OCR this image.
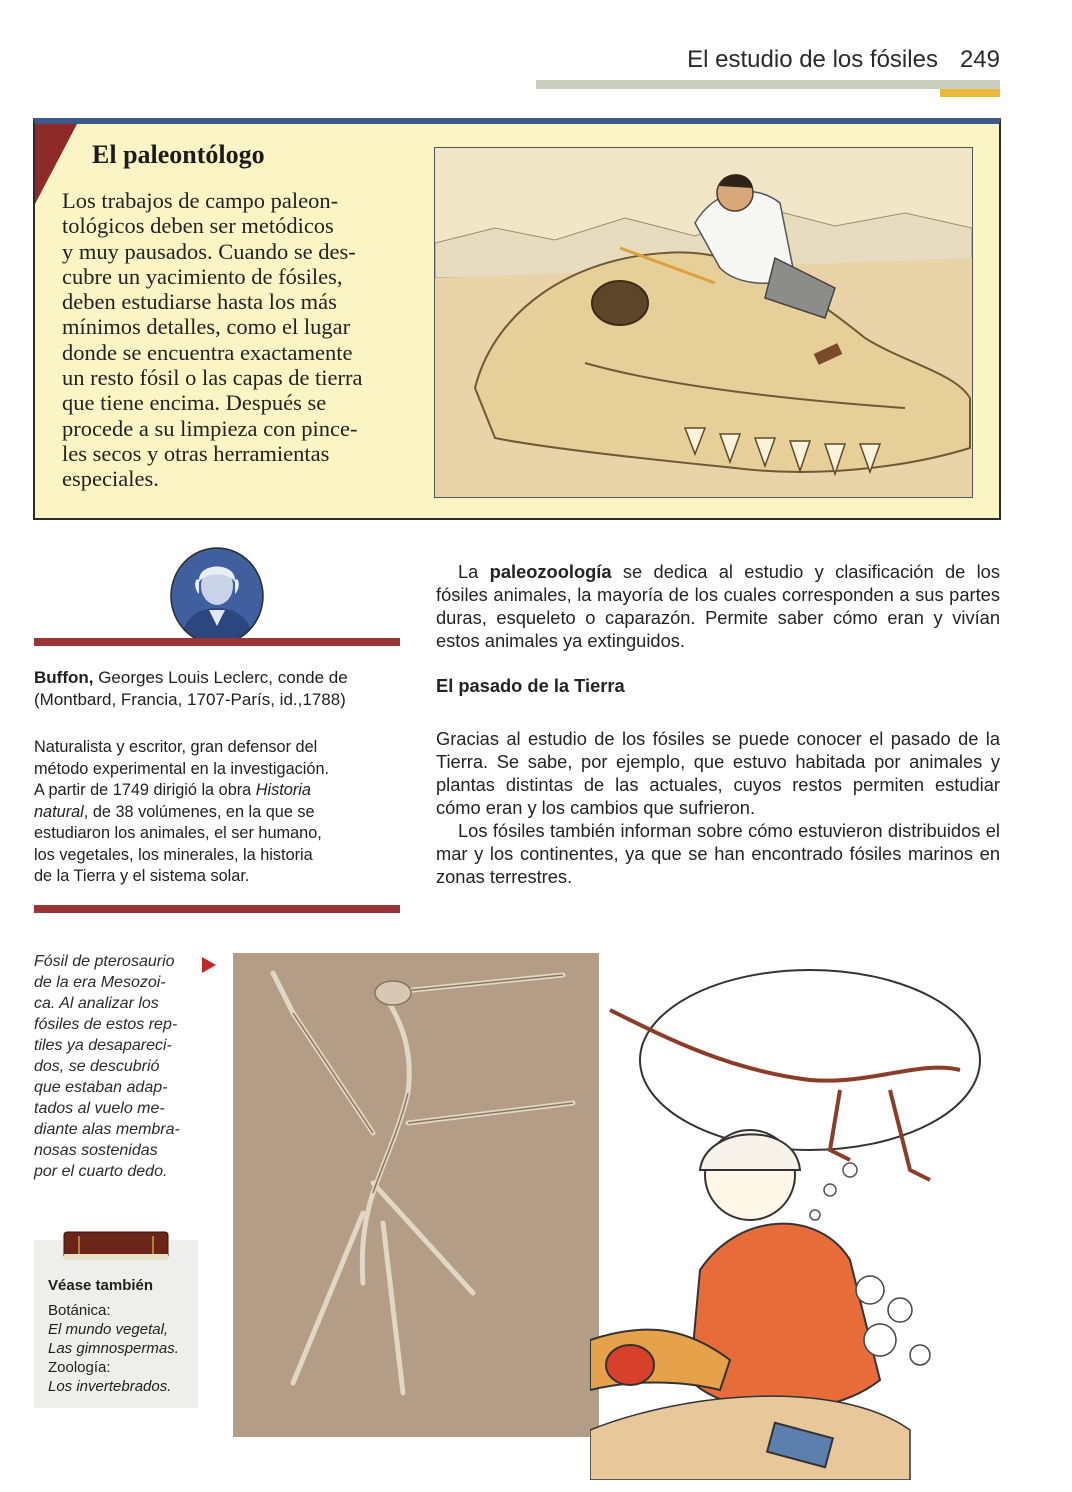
El estudio de los fósiles 249
El paleontólogo
Los trabajos de campo paleon-
tológicos deben ser metódicos
y muy pausados. Cuando se des-
cubre un yacimiento de fósiles,
deben estudiarse hasta los más
mínimos detalles, como el lugar
donde se encuentra exactamente
un resto fósil o las capas de tierra
que tiene encima. Después se
procede a su limpieza con pince-
les secos y otras herramientas
especiales.
Buffon, Georges Louis Leclerc, conde de
(Montbard, Francia, 1707-París, id.,1788)
Naturalista y escritor, gran defensor del
método experimental en la investigación.
A partir de 1749 dirigió la obra Historia
natural, de 38 volúmenes, en la que se
estudiaron los animales, el ser humano,
los vegetales, los minerales, la historia
de la Tierra y el sistema solar.

La paleozoología se dedica al estudio y clasificación de los fósiles animales, la mayoría de los cuales corresponden a sus partes duras, esqueleto o caparazón. Permite saber cómo eran y vivían estos animales ya extinguidos.

El pasado de la Tierra

Gracias al estudio de los fósiles se puede conocer el pasado de la Tierra. Se sabe, por ejemplo, que estuvo habitada por animales y plantas distintas de las actuales, cuyos restos permiten estudiar cómo eran y los cambios que sufrieron.

Los fósiles también informan sobre cómo estuvieron distribuidos el mar y los continentes, ya que se han encontrado fósiles marinos en zonas terrestres.

Fósil de pterosaurio
de la era Mesozoi-
ca. Al analizar los
fósiles de estos rep-
tiles ya desapareci-
dos, se descubrió
que estaban adap-
tados al vuelo me-
diante alas membra-
nosas sostenidas
por el cuarto dedo.
Véase también
Botánica:
El mundo vegetal,
Las gimnospermas.
Zoología:
Los invertebrados.
